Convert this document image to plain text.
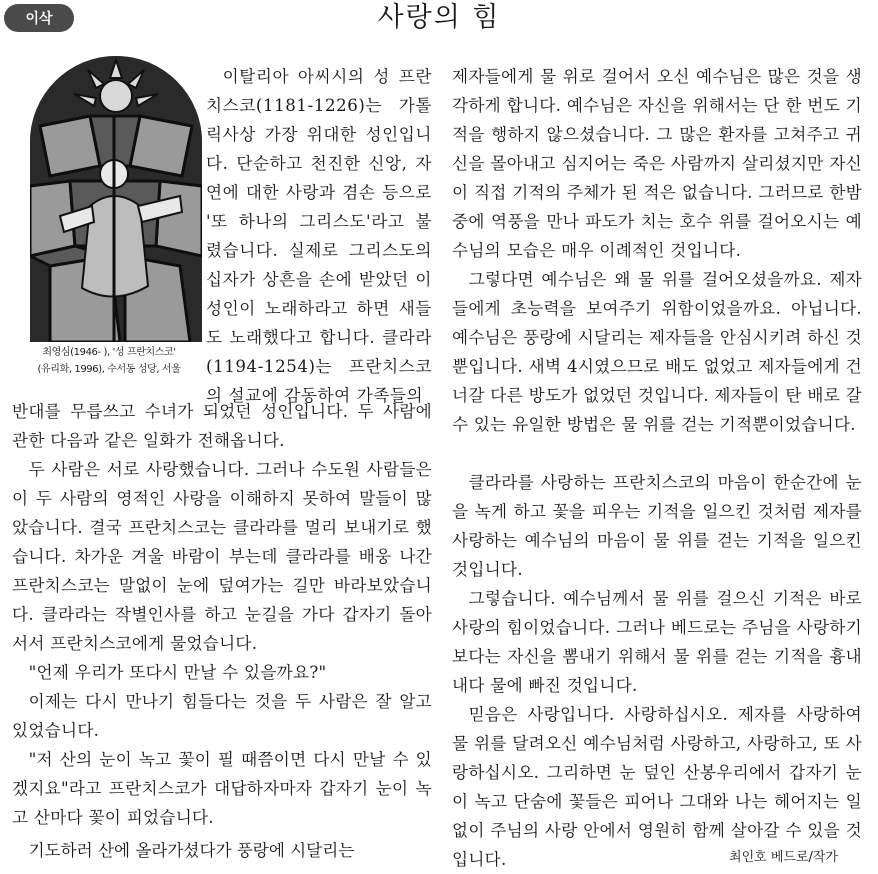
이삭	사랑의 힘
최영심(1946- ), '성 프란치스코'
(유리화, 1996), 수서동 성당, 서울

이탈리아 아씨시의 성 프란치스코(1181-1226)는 가톨릭사상 가장 위대한 성인입니다. 단순하고 천진한 신앙, 자연에 대한 사랑과 겸손 등으로 '또 하나의 그리스도'라고 불렸습니다. 실제로 그리스도의 십자가 상흔을 손에 받았던 이 성인이 노래하라고 하면 새들도 노래했다고 합니다. 클라라(1194-1254)는 프란치스코의 설교에 감동하여 가족들의

반대를 무릅쓰고 수녀가 되었던 성인입니다. 두 사람에 관한 다음과 같은 일화가 전해옵니다.

두 사람은 서로 사랑했습니다. 그러나 수도원 사람들은 이 두 사람의 영적인 사랑을 이해하지 못하여 말들이 많았습니다. 결국 프란치스코는 클라라를 멀리 보내기로 했습니다. 차가운 겨울 바람이 부는데 클라라를 배웅 나간 프란치스코는 말없이 눈에 덮여가는 길만 바라보았습니다. 클라라는 작별인사를 하고 눈길을 가다 갑자기 돌아서서 프란치스코에게 물었습니다.

"언제 우리가 또다시 만날 수 있을까요?"

이제는 다시 만나기 힘들다는 것을 두 사람은 잘 알고 있었습니다.

"저 산의 눈이 녹고 꽃이 필 때쯤이면 다시 만날 수 있겠지요"라고 프란치스코가 대답하자마자 갑자기 눈이 녹고 산마다 꽃이 피었습니다.

기도하러 산에 올라가셨다가 풍랑에 시달리는

제자들에게 물 위로 걸어서 오신 예수님은 많은 것을 생각하게 합니다. 예수님은 자신을 위해서는 단 한 번도 기적을 행하지 않으셨습니다. 그 많은 환자를 고쳐주고 귀신을 몰아내고 심지어는 죽은 사람까지 살리셨지만 자신이 직접 기적의 주체가 된 적은 없습니다. 그러므로 한밤중에 역풍을 만나 파도가 치는 호수 위를 걸어오시는 예수님의 모습은 매우 이례적인 것입니다.

그렇다면 예수님은 왜 물 위를 걸어오셨을까요. 제자들에게 초능력을 보여주기 위함이었을까요. 아닙니다. 예수님은 풍랑에 시달리는 제자들을 안심시키려 하신 것뿐입니다. 새벽 4시였으므로 배도 없었고 제자들에게 건너갈 다른 방도가 없었던 것입니다. 제자들이 탄 배로 갈 수 있는 유일한 방법은 물 위를 걷는 기적뿐이었습니다.

클라라를 사랑하는 프란치스코의 마음이 한순간에 눈을 녹게 하고 꽃을 피우는 기적을 일으킨 것처럼 제자를 사랑하는 예수님의 마음이 물 위를 걷는 기적을 일으킨 것입니다.

그렇습니다. 예수님께서 물 위를 걸으신 기적은 바로 사랑의 힘이었습니다. 그러나 베드로는 주님을 사랑하기보다는 자신을 뽐내기 위해서 물 위를 걷는 기적을 흉내내다 물에 빠진 것입니다.

믿음은 사랑입니다. 사랑하십시오. 제자를 사랑하여 물 위를 달려오신 예수님처럼 사랑하고, 사랑하고, 또 사랑하십시오. 그리하면 눈 덮인 산봉우리에서 갑자기 눈이 녹고 단숨에 꽃들은 피어나 그대와 나는 헤어지는 일 없이 주님의 사랑 안에서 영원히 함께 살아갈 수 있을 것입니다.	최인호 베드로/작가
